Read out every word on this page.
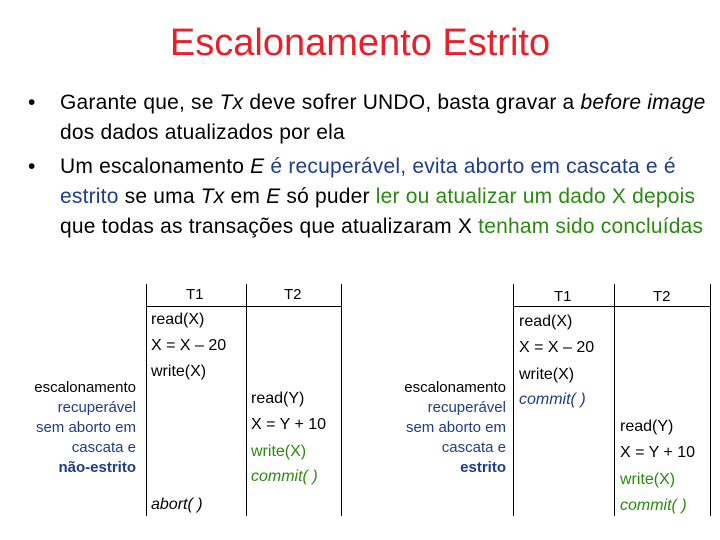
Escalonamento Estrito
• Garante que, se Tx deve sofrer UNDO, basta gravar a before image dos dados atualizados por ela
• Um escalonamento E é recuperável, evita aborto em cascata e é estrito se uma Tx em E só puder ler ou atualizar um dado X depois que todas as transações que atualizaram X tenham sido concluídas
escalonamento
recuperável
sem aborto em
cascata e
não-estrito
T1	T2
read(X)
X = X – 20
write(X)
read(Y)
X = Y + 10
write(X)
commit( )
abort( )
escalonamento
recuperável
sem aborto em
cascata e
estrito
T1	T2
read(X)
X = X – 20
write(X)
commit( )
read(Y)
X = Y + 10
write(X)
commit( )
